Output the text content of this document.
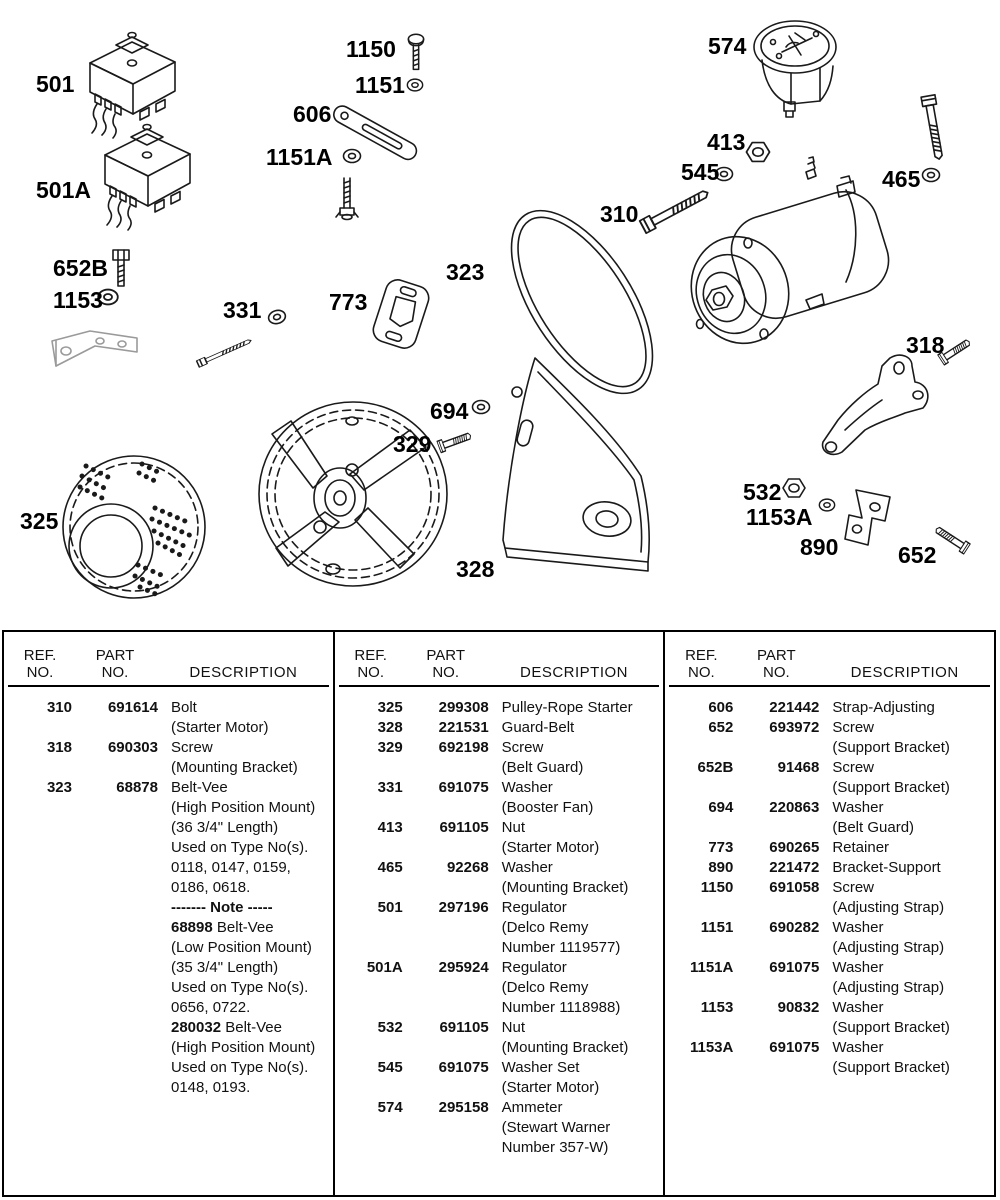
501
501A
1150
1151
606
1151A
574
413
545
310
465
652B
1153	331	773
323
694
329
325
328
318
532
1153A
890	652
REF.
NO.
PART
NO.	DESCRIPTION
310	691614 Bolt
(Starter Motor)
318	690303 Screw
(Mounting Bracket)
323	68878 Belt-Vee
(High Position Mount)
(36 3/4" Length)
Used on Type No(s).
0118, 0147, 0159,
0186, 0618.
------- Note -----
68898 Belt-Vee
(Low Position Mount)
(35 3/4" Length)
Used on Type No(s).
0656, 0722.
280032 Belt-Vee
(High Position Mount)
Used on Type No(s).
0148, 0193.
REF.
NO.
PART
NO.	DESCRIPTION
325	299308 Pulley-Rope Starter
328	221531 Guard-Belt
329	692198 Screw
(Belt Guard)
331	691075 Washer
(Booster Fan)
413	691105 Nut
(Starter Motor)
465	92268 Washer
(Mounting Bracket)
501	297196 Regulator
(Delco Remy
Number 1119577)
501A	295924 Regulator
(Delco Remy
Number 1118988)
532	691105 Nut
(Mounting Bracket)
545	691075 Washer Set
(Starter Motor)
574	295158 Ammeter
(Stewart Warner
Number 357-W)
REF.
NO.
PART
NO.	DESCRIPTION
606	221442 Strap-Adjusting
652	693972 Screw
(Support Bracket)
652B	91468 Screw
(Support Bracket)
694	220863 Washer
(Belt Guard)
773	690265 Retainer
890	221472 Bracket-Support
1150	691058 Screw
(Adjusting Strap)
1151	690282 Washer
(Adjusting Strap)
1151A	691075 Washer
(Adjusting Strap)
1153	90832 Washer
(Support Bracket)
1153A	691075 Washer
(Support Bracket)
